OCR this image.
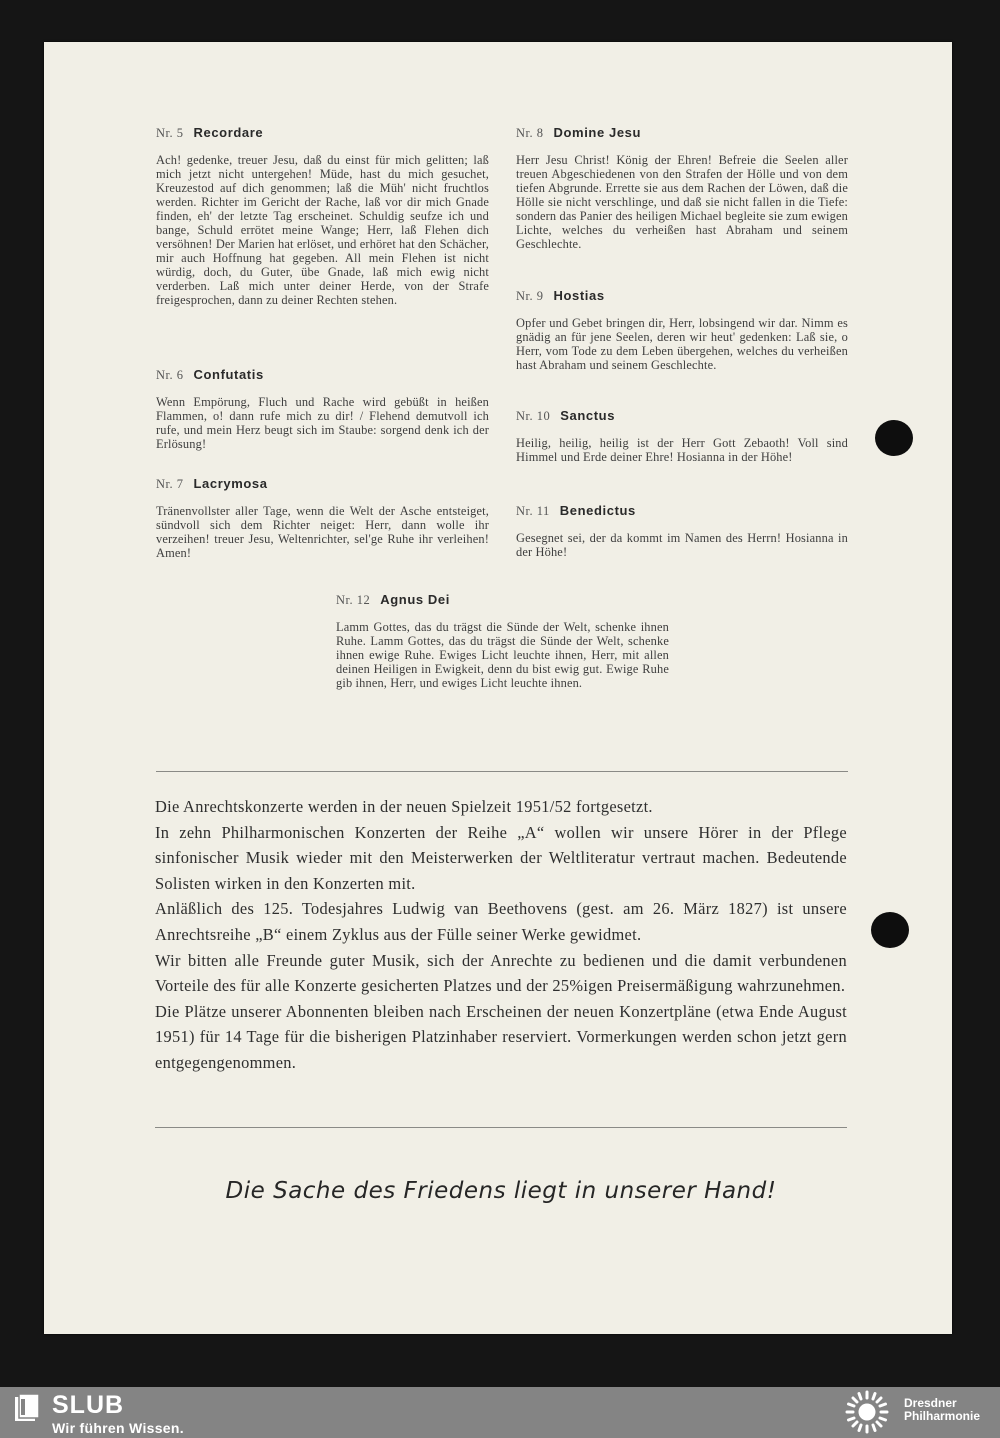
Nr. 5 Recordare
Ach! gedenke, treuer Jesu, daß du einst für mich gelitten; laß mich jetzt nicht untergehen! Müde, hast du mich gesuchet, Kreuzestod auf dich genommen; laß die Müh' nicht fruchtlos werden. Richter im Gericht der Rache, laß vor dir mich Gnade finden, eh' der letzte Tag erscheinet. Schuldig seufze ich und bange, Schuld errötet meine Wange; Herr, laß Flehen dich versöhnen! Der Marien hat erlöset, und erhöret hat den Schächer, mir auch Hoffnung hat gegeben. All mein Flehen ist nicht würdig, doch, du Guter, übe Gnade, laß mich ewig nicht verderben. Laß mich unter deiner Herde, von der Strafe freigesprochen, dann zu deiner Rechten stehen.
Nr. 6 Confutatis
Wenn Empörung, Fluch und Rache wird gebüßt in heißen Flammen, o! dann rufe mich zu dir! / Flehend demutvoll ich rufe, und mein Herz beugt sich im Staube: sorgend denk ich der Erlösung!
Nr. 7 Lacrymosa
Tränenvollster aller Tage, wenn die Welt der Asche entsteiget, sündvoll sich dem Richter neiget: Herr, dann wolle ihr verzeihen! treuer Jesu, Weltenrichter, sel'ge Ruhe ihr verleihen! Amen!
Nr. 8 Domine Jesu
Herr Jesu Christ! König der Ehren! Befreie die Seelen aller treuen Abgeschiedenen von den Strafen der Hölle und von dem tiefen Abgrunde. Errette sie aus dem Rachen der Löwen, daß die Hölle sie nicht verschlinge, und daß sie nicht fallen in die Tiefe: sondern das Panier des heiligen Michael begleite sie zum ewigen Lichte, welches du verheißen hast Abraham und seinem Geschlechte.
Nr. 9 Hostias
Opfer und Gebet bringen dir, Herr, lobsingend wir dar. Nimm es gnädig an für jene Seelen, deren wir heut' gedenken: Laß sie, o Herr, vom Tode zu dem Leben übergehen, welches du verheißen hast Abraham und seinem Geschlechte.
Nr. 10 Sanctus
Heilig, heilig, heilig ist der Herr Gott Zebaoth! Voll sind Himmel und Erde deiner Ehre! Hosianna in der Höhe!
Nr. 11 Benedictus
Gesegnet sei, der da kommt im Namen des Herrn! Hosianna in der Höhe!
Nr. 12 Agnus Dei
Lamm Gottes, das du trägst die Sünde der Welt, schenke ihnen Ruhe. Lamm Gottes, das du trägst die Sünde der Welt, schenke ihnen ewige Ruhe. Ewiges Licht leuchte ihnen, Herr, mit allen deinen Heiligen in Ewigkeit, denn du bist ewig gut. Ewige Ruhe gib ihnen, Herr, und ewiges Licht leuchte ihnen.

Die Anrechtskonzerte werden in der neuen Spielzeit 1951/52 fortgesetzt.

In zehn Philharmonischen Konzerten der Reihe „A“ wollen wir unsere Hörer in der Pflege sinfonischer Musik wieder mit den Meisterwerken der Weltliteratur vertraut machen. Bedeutende Solisten wirken in den Konzerten mit.

Anläßlich des 125. Todesjahres Ludwig van Beethovens (gest. am 26. März 1827) ist unsere Anrechtsreihe „B“ einem Zyklus aus der Fülle seiner Werke gewidmet.

Wir bitten alle Freunde guter Musik, sich der Anrechte zu bedienen und die damit verbundenen Vorteile des für alle Konzerte gesicherten Platzes und der 25%igen Preisermäßigung wahrzunehmen.

Die Plätze unserer Abonnenten bleiben nach Erscheinen der neuen Konzertpläne (etwa Ende August 1951) für 14 Tage für die bisherigen Platzinhaber reserviert. Vormerkungen werden schon jetzt gern entgegengenommen.

Die Sache des Friedens liegt in unserer Hand!
SLUB
Wir führen Wissen.
Dresdner
Philharmonie
